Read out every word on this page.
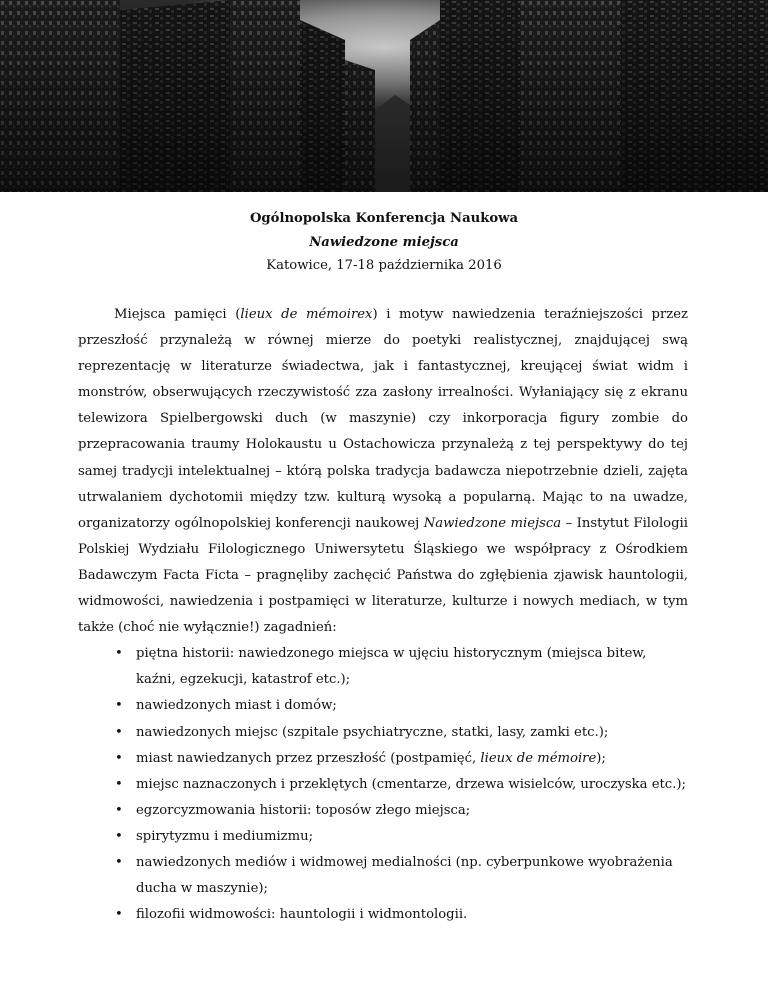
Ogólnopolska Konferencja Naukowa
Nawiedzone miejsca
Katowice, 17-18 października 2016

Miejsca pamięci (lieux de mémoirex) i motyw nawiedzenia teraźniejszości przez przeszłość przynależą w równej mierze do poetyki realistycznej, znajdującej swą reprezentację w literaturze świadectwa, jak i fantastycznej, kreującej świat widm i monstrów, obserwujących rzeczywistość zza zasłony irrealności. Wyłaniający się z ekranu telewizora Spielbergowski duch (w maszynie) czy inkorporacja figury zombie do przepracowania traumy Holokaustu u Ostachowicza przynależą z tej perspektywy do tej samej tradycji intelektualnej – którą polska tradycja badawcza niepotrzebnie dzieli, zajęta utrwalaniem dychotomii między tzw. kulturą wysoką a popularną. Mając to na uwadze, organizatorzy ogólnopolskiej konferencji naukowej Nawiedzone miejsca – Instytut Filologii Polskiej Wydziału Filologicznego Uniwersytetu Śląskiego we współpracy z Ośrodkiem Badawczym Facta Ficta – pragnęliby zachęcić Państwa do zgłębienia zjawisk hauntologii, widmowości, nawiedzenia i postpamięci w literaturze, kulturze i nowych mediach, w tym także (choć nie wyłącznie!) zagadnień:

• piętna historii: nawiedzonego miejsca w ujęciu historycznym (miejsca bitew, kaźni, egzekucji, katastrof etc.);
• nawiedzonych miast i domów;
• nawiedzonych miejsc (szpitale psychiatryczne, statki, lasy, zamki etc.);
• miast nawiedzanych przez przeszłość (postpamięć, lieux de mémoire);
• miejsc naznaczonych i przeklętych (cmentarze, drzewa wisielców, uroczyska etc.);
• egzorcyzmowania historii: toposów złego miejsca;
• spirytyzmu i mediumizmu;
• nawiedzonych mediów i widmowej medialności (np. cyberpunkowe wyobrażenia ducha w maszynie);
• filozofii widmowości: hauntologii i widmontologii.
